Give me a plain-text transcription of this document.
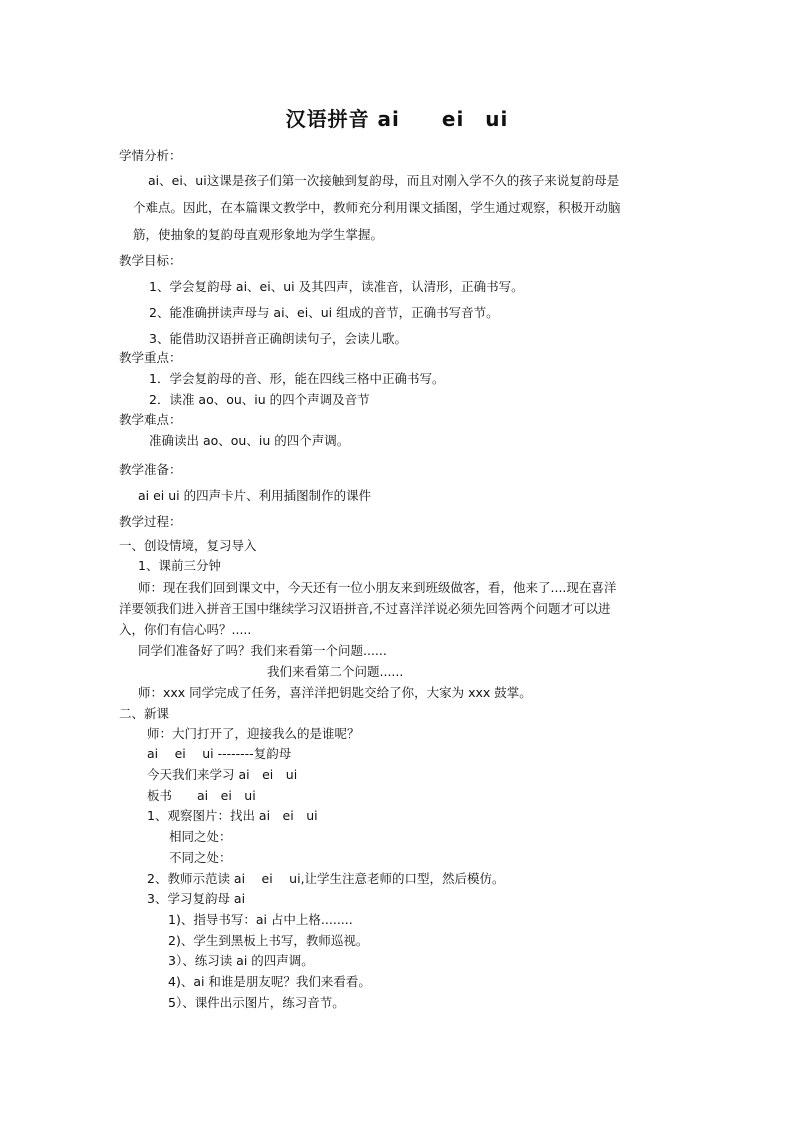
汉语拼音 ai　　ei　ui
学情分析：
ai、ei、ui这课是孩子们第一次接触到复韵母，而且对刚入学不久的孩子来说复韵母是
个难点。因此，在本篇课文教学中，教师充分利用课文插图，学生通过观察，积极开动脑
筋，使抽象的复韵母直观形象地为学生掌握。
教学目标：
1、学会复韵母 ai、ei、ui 及其四声，读准音，认清形，正确书写。
2、能准确拼读声母与 ai、ei、ui 组成的音节，正确书写音节。
3、能借助汉语拼音正确朗读句子，会读儿歌。
教学重点：
1．学会复韵母的音、形，能在四线三格中正确书写。
2．读准 ao、ou、iu 的四个声调及音节
教学难点：
准确读出 ao、ou、iu 的四个声调。
教学准备：
ai ei ui 的四声卡片、利用插图制作的课件
教学过程：
一、创设情境，复习导入
1、课前三分钟
师：现在我们回到课文中，今天还有一位小朋友来到班级做客，看，他来了....现在喜洋
洋要领我们进入拼音王国中继续学习汉语拼音,不过喜洋洋说必须先回答两个问题才可以进
入，你们有信心吗？.....
同学们准备好了吗？我们来看第一个问题......
我们来看第二个问题......
师：xxx 同学完成了任务，喜洋洋把钥匙交给了你，大家为 xxx 鼓掌。
二、新课
师：大门打开了，迎接我么的是谁呢？
ai　 ei　 ui --------复韵母
今天我们来学习 ai　ei　ui
板书　　ai　ei　ui
1、观察图片：找出 ai　ei　ui
相同之处：
不同之处：
2、教师示范读 ai　 ei　 ui,让学生注意老师的口型，然后模仿。
3、学习复韵母 ai
1)、指导书写：ai 占中上格........
2)、学生到黑板上书写，教师巡视。
3）、练习读 ai 的四声调。
4)、ai 和谁是朋友呢？我们来看看。
5）、课件出示图片，练习音节。
